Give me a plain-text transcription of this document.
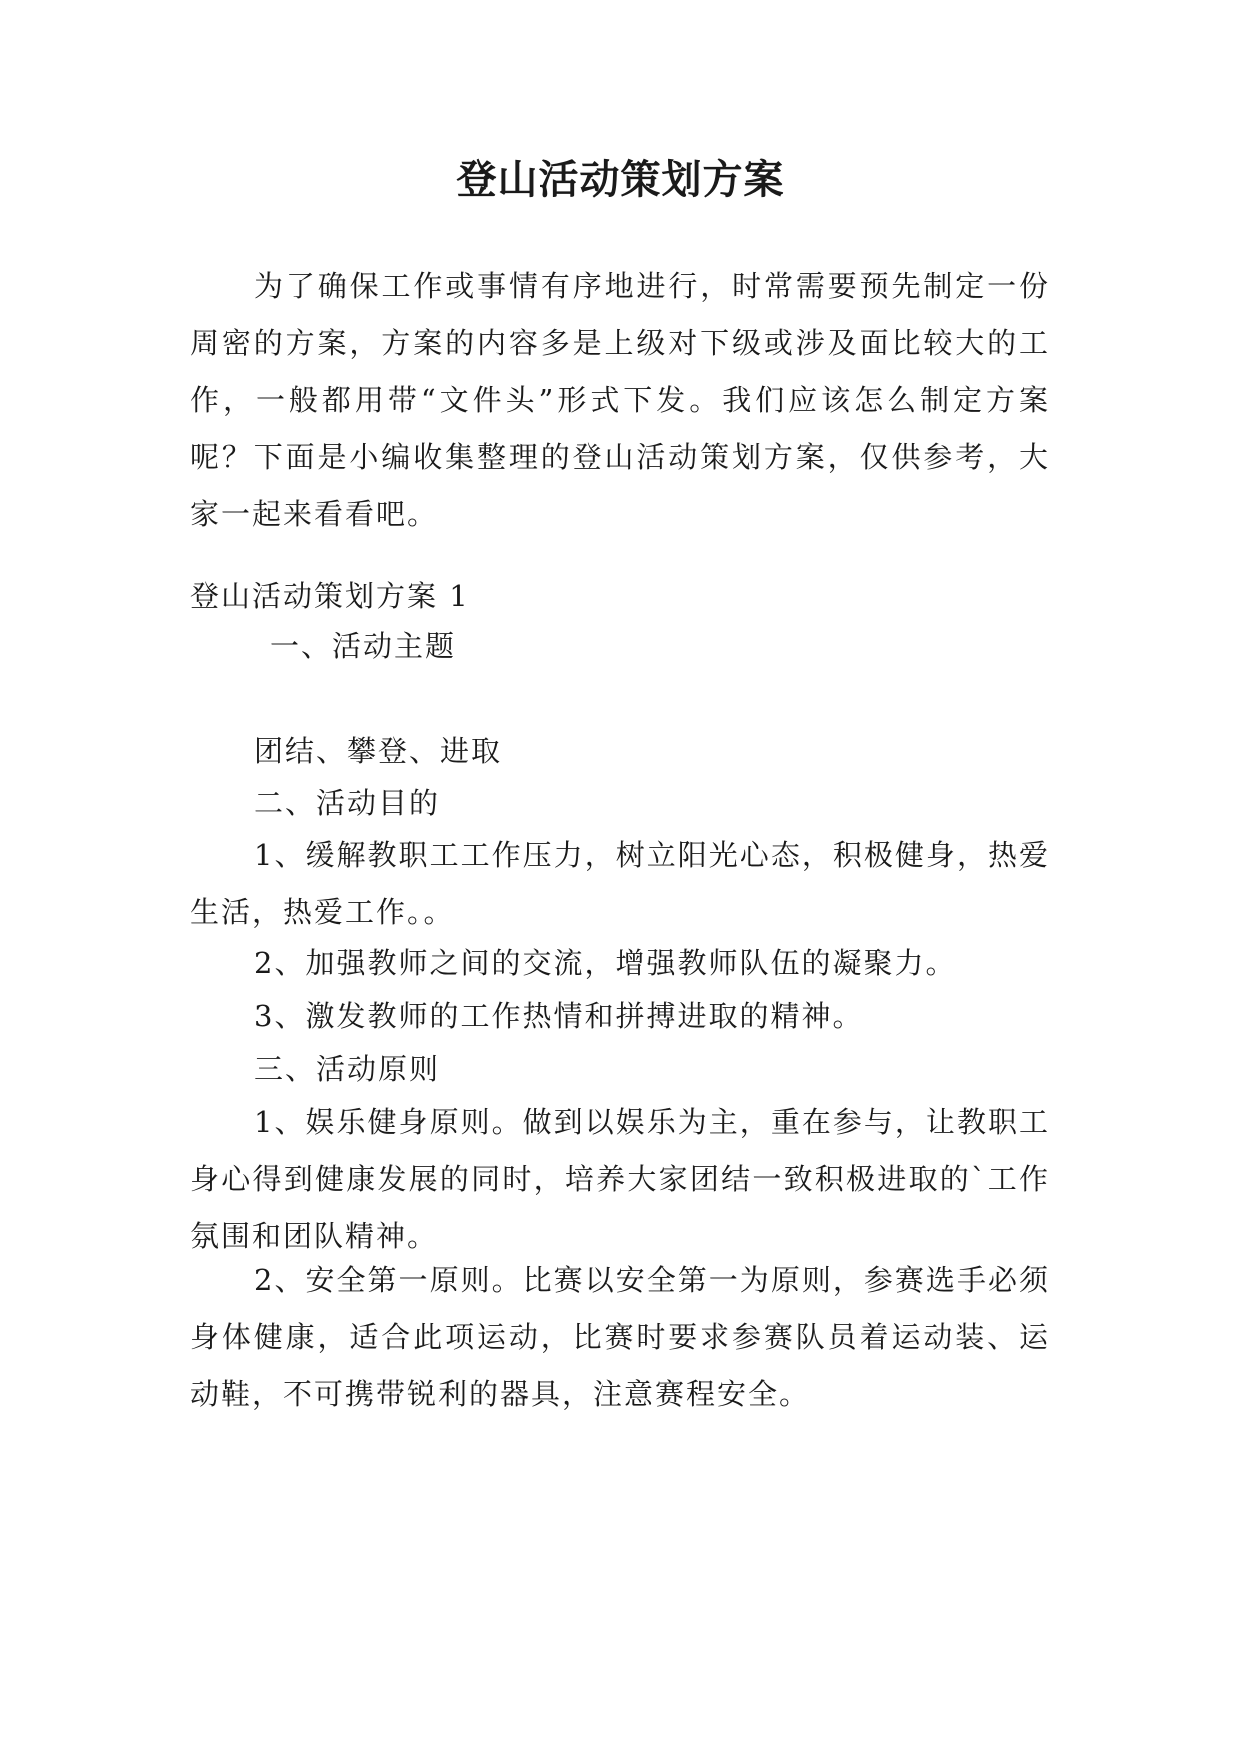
登山活动策划方案

为了确保工作或事情有序地进行，时常需要预先制定一份周密的方案，方案的内容多是上级对下级或涉及面比较大的工作，一般都用带“文件头”形式下发。我们应该怎么制定方案呢？下面是小编收集整理的登山活动策划方案，仅供参考，大家一起来看看吧。

登山活动策划方案 1

一、活动主题

团结、攀登、进取

二、活动目的

1、缓解教职工工作压力，树立阳光心态，积极健身，热爱生活，热爱工作。。

2、加强教师之间的交流，增强教师队伍的凝聚力。

3、激发教师的工作热情和拼搏进取的精神。

三、活动原则

1、娱乐健身原则。做到以娱乐为主，重在参与，让教职工身心得到健康发展的同时，培养大家团结一致积极进取的`工作氛围和团队精神。

2、安全第一原则。比赛以安全第一为原则，参赛选手必须身体健康，适合此项运动，比赛时要求参赛队员着运动装、运动鞋，不可携带锐利的器具，注意赛程安全。
